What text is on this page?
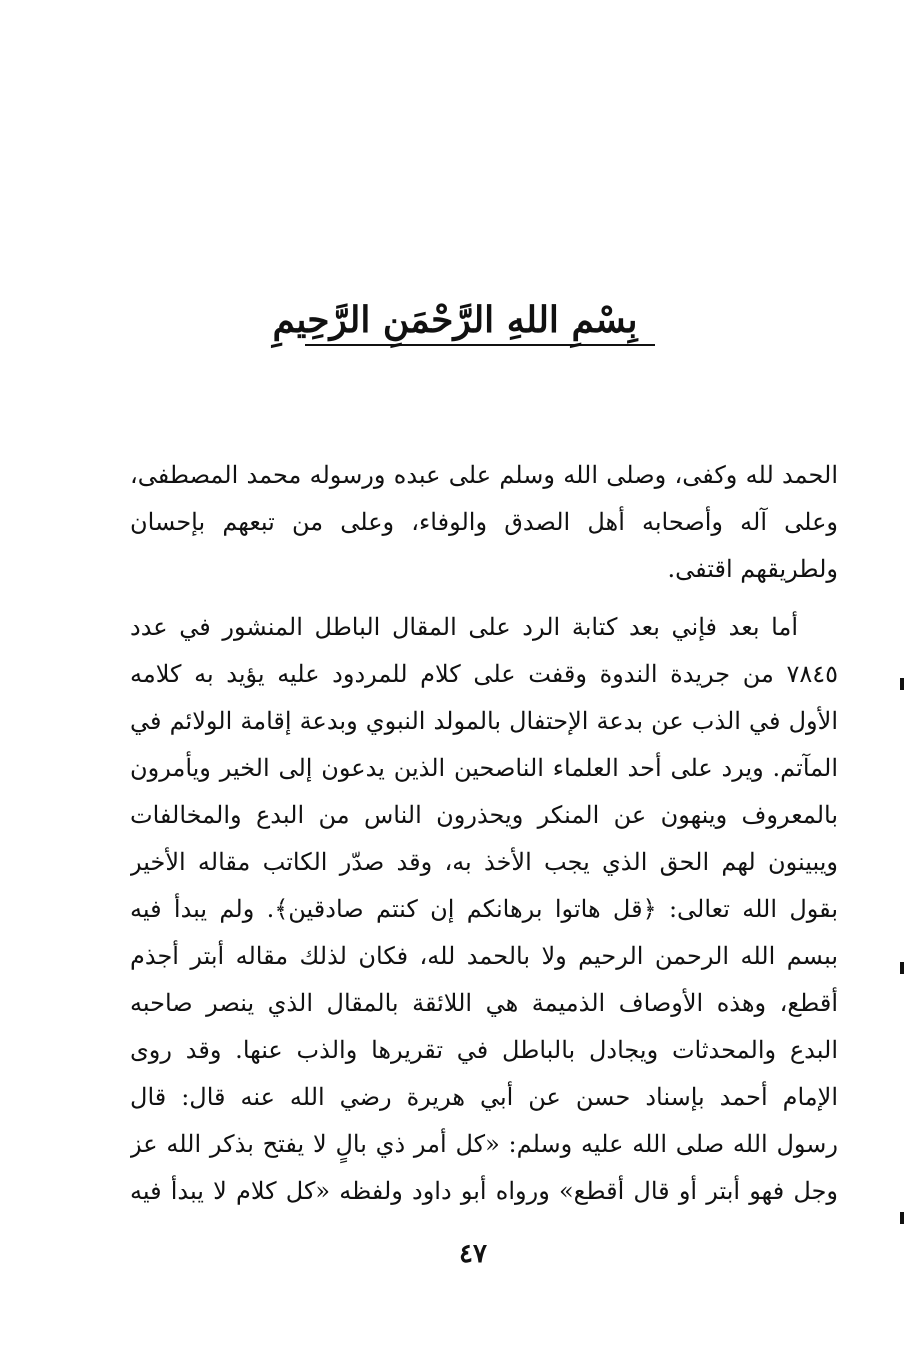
بِسْمِ اللهِ الرَّحْمَنِ الرَّحِيمِ
الحمد لله وكفى، وصلى الله وسلم على عبده ورسوله محمد المصطفى،
وعلى آله وأصحابه أهل الصدق والوفاء، وعلى من تبعهم بإحسان
ولطريقهم اقتفى.
أما بعد فإني بعد كتابة الرد على المقال الباطل المنشور في عدد
٧٨٤٥ من جريدة الندوة وقفت على كلام للمردود عليه يؤيد به كلامه
الأول في الذب عن بدعة الإحتفال بالمولد النبوي وبدعة إقامة الولائم في
المآتم. ويرد على أحد العلماء الناصحين الذين يدعون إلى الخير ويأمرون
بالمعروف وينهون عن المنكر ويحذرون الناس من البدع والمخالفات
ويبينون لهم الحق الذي يجب الأخذ به، وقد صدّر الكاتب مقاله الأخير
بقول الله تعالى: ﴿قل هاتوا برهانكم إن كنتم صادقين﴾. ولم يبدأ فيه
ببسم الله الرحمن الرحيم ولا بالحمد لله، فكان لذلك مقاله أبتر أجذم
أقطع، وهذه الأوصاف الذميمة هي اللائقة بالمقال الذي ينصر صاحبه
البدع والمحدثات ويجادل بالباطل في تقريرها والذب عنها. وقد روى
الإمام أحمد بإسناد حسن عن أبي هريرة رضي الله عنه قال: قال
رسول الله صلى الله عليه وسلم: «كل أمر ذي بالٍ لا يفتح بذكر الله عز
وجل فهو أبتر أو قال أقطع» ورواه أبو داود ولفظه «كل كلام لا يبدأ فيه
٤٧
